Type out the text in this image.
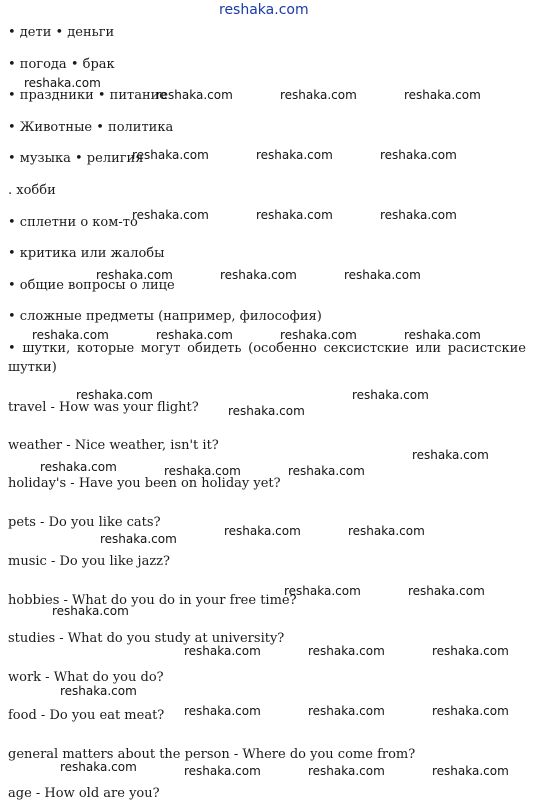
reshaka.com
• дети • деньги
• погода • брак
• праздники • питание
• Животные • политика
• музыка • религия
. хобби
• сплетни о ком-то
• критика или жалобы
• общие вопросы о лице
• сложные предметы (например, философия)
• шутки, которые могут обидеть (особенно сексистские или расистские шутки)
travel - How was your flight?
weather - Nice weather, isn't it?
holiday's - Have you been on holiday yet?
pets - Do you like cats?
music - Do you like jazz?
hobbies - What do you do in your free time?
studies - What do you study at university?
work - What do you do?
food - Do you eat meat?
general matters about the person - Where do you come from?
age - How old are you?
reshaka.com
reshaka.com	reshaka.com	reshaka.com
reshaka.com	reshaka.com	reshaka.com
reshaka.com	reshaka.com	reshaka.com
reshaka.com	reshaka.com	reshaka.com
reshaka.com	reshaka.com	reshaka.com	reshaka.com
reshaka.com	reshaka.com
reshaka.com
reshaka.com
reshaka.com	reshaka.com	reshaka.com
reshaka.com	reshaka.com
reshaka.com
reshaka.com	reshaka.com
reshaka.com
reshaka.com	reshaka.com	reshaka.com
reshaka.com
reshaka.com	reshaka.com	reshaka.com
reshaka.com	reshaka.com	reshaka.com	reshaka.com
